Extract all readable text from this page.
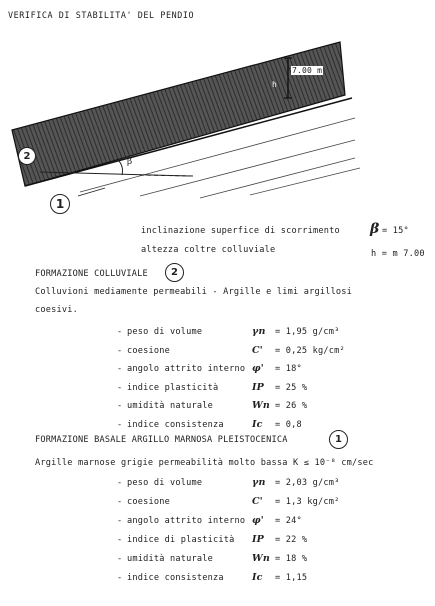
VERIFICA DI STABILITA' DEL PENDIO
7.00 m
h
β
2
1
inclinazione superfice di scorrimento β = 15°
altezza coltre colluviale	h = m 7.00
FORMAZIONE COLLUVIALE	2
Colluvioni mediamente permeabili - Argille e limi argillosi
coesivi.
- peso di volume	γn = 1,95 g/cm³
- coesione	C' = 0,25 kg/cm²
- angolo attrito interno φ' = 18°
- indice plasticità	IP = 25 %
- umidità naturale	Wn = 26 %
- indice consistenza	Ic = 0,8
FORMAZIONE BASALE ARGILLO MARNOSA PLEISTOCENICA	1
Argille marnose grigie permeabilità molto bassa K ≤ 10⁻⁸ cm/sec
- peso di volume	γn = 2,03 g/cm³
- coesione	C' = 1,3 kg/cm²
- angolo attrito interno φ' = 24°
- indice di plasticità IP = 22 %
- umidità naturale	Wn = 18 %
- indice consistenza	Ic = 1,15
